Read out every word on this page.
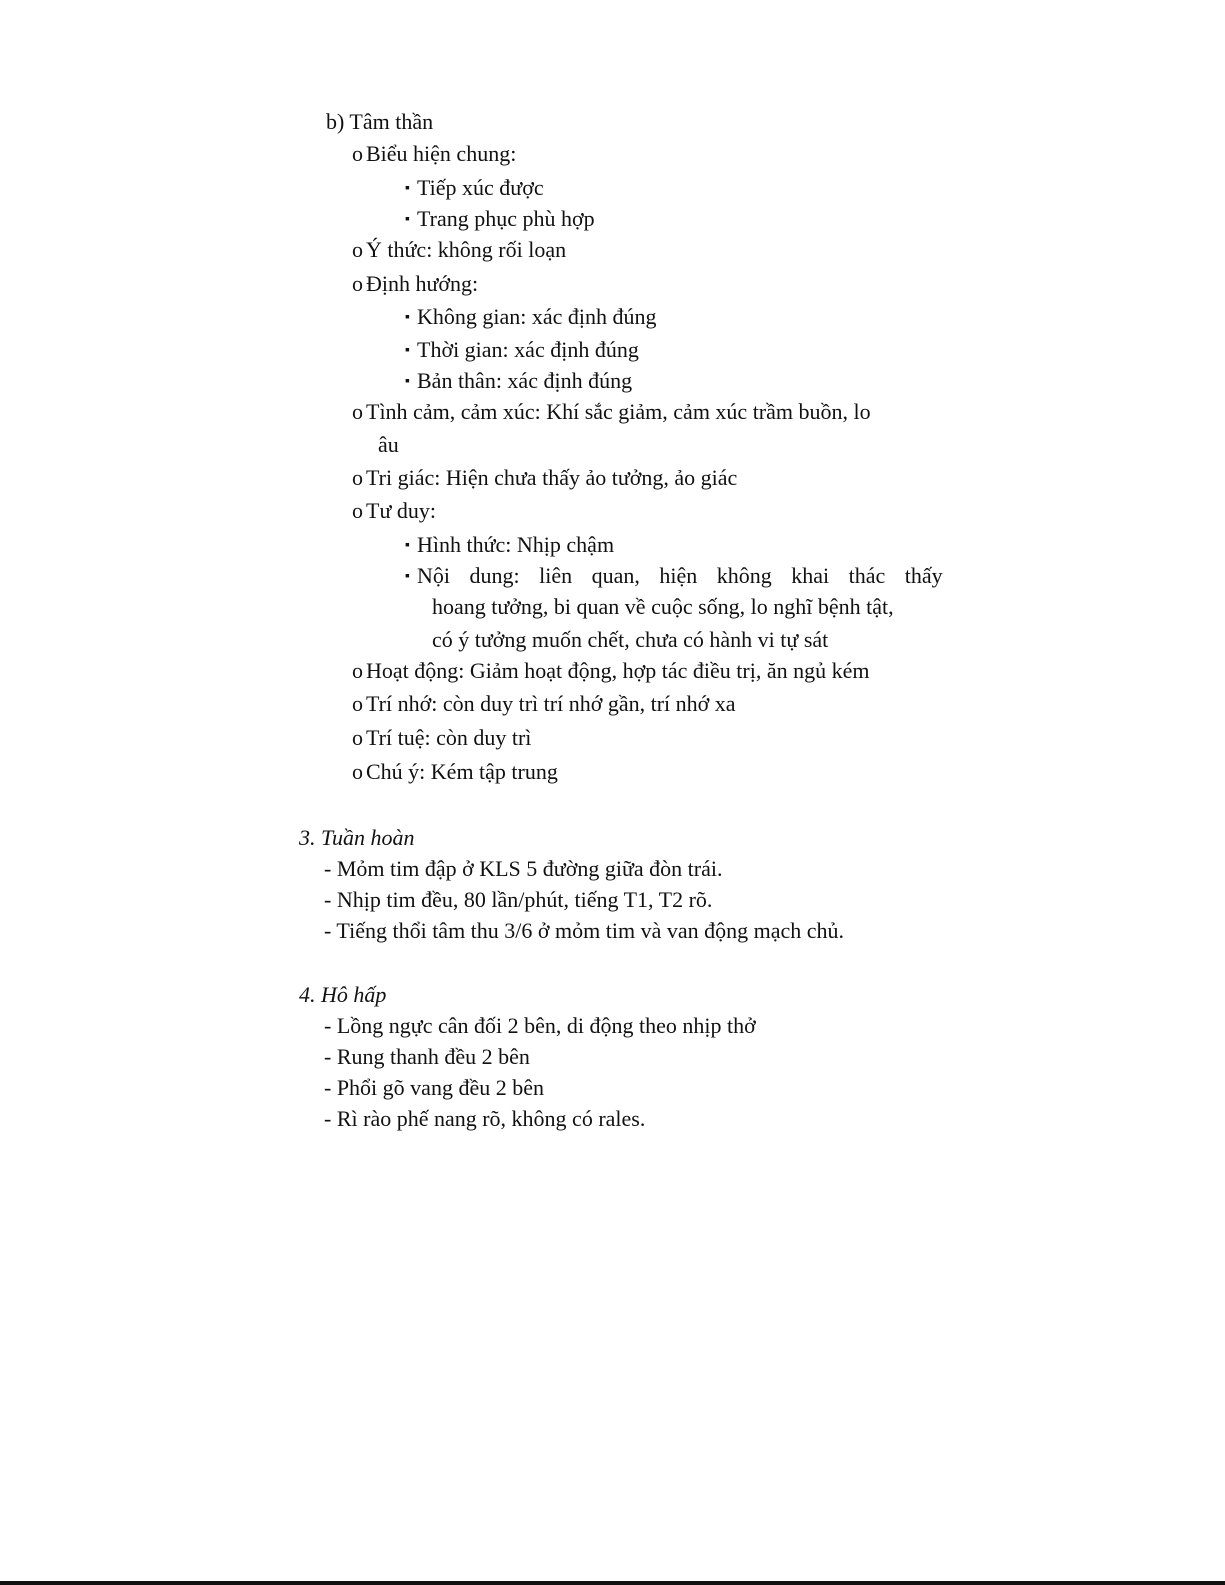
b) Tâm thần
o Biểu hiện chung:
▪ Tiếp xúc được
▪ Trang phục phù hợp
o Ý thức: không rối loạn
o Định hướng:
▪ Không gian: xác định đúng
▪ Thời gian: xác định đúng
▪ Bản thân: xác định đúng
o Tình cảm, cảm xúc: Khí sắc giảm, cảm xúc trầm buồn, lo
âu
o Tri giác: Hiện chưa thấy ảo tưởng, ảo giác
o Tư duy:
▪ Hình thức: Nhịp chậm
▪ Nội dung: liên quan, hiện không khai thác thấy
hoang tưởng, bi quan về cuộc sống, lo nghĩ bệnh tật,
có ý tưởng muốn chết, chưa có hành vi tự sát
o Hoạt động: Giảm hoạt động, hợp tác điều trị, ăn ngủ kém
o Trí nhớ: còn duy trì trí nhớ gần, trí nhớ xa
o Trí tuệ: còn duy trì
o Chú ý: Kém tập trung
3. Tuần hoàn
- Mỏm tim đập ở KLS 5 đường giữa đòn trái.
- Nhịp tim đều, 80 lần/phút, tiếng T1, T2 rõ.
- Tiếng thổi tâm thu 3/6 ở mỏm tim và van động mạch chủ.
4. Hô hấp
- Lồng ngực cân đối 2 bên, di động theo nhịp thở
- Rung thanh đều 2 bên
- Phổi gõ vang đều 2 bên
- Rì rào phế nang rõ, không có rales.
